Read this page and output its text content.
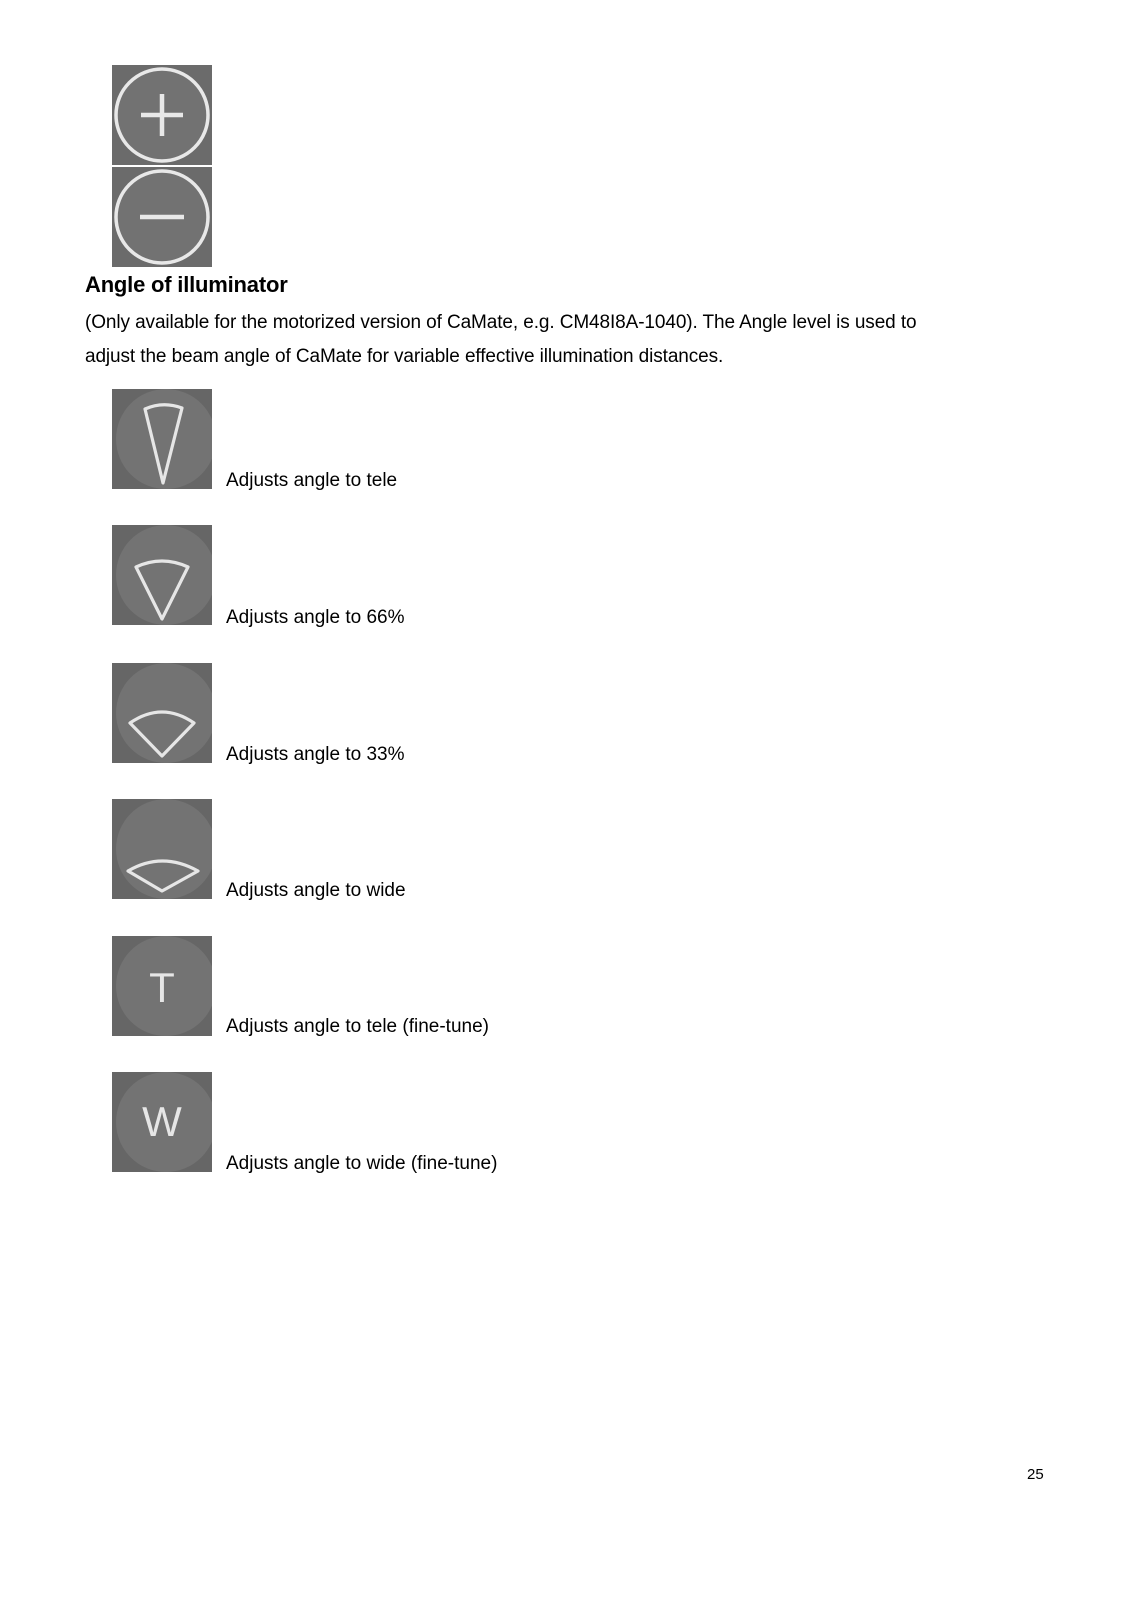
Angle of illuminator
(Only available for the motorized version of CaMate, e.g. CM48I8A-1040). The Angle level is used to
adjust the beam angle of CaMate for variable effective illumination distances.
Adjusts angle to tele
Adjusts angle to 66%
Adjusts angle to 33%
Adjusts angle to wide
T
Adjusts angle to tele (fine-tune)
W
Adjusts angle to wide (fine-tune)
25
